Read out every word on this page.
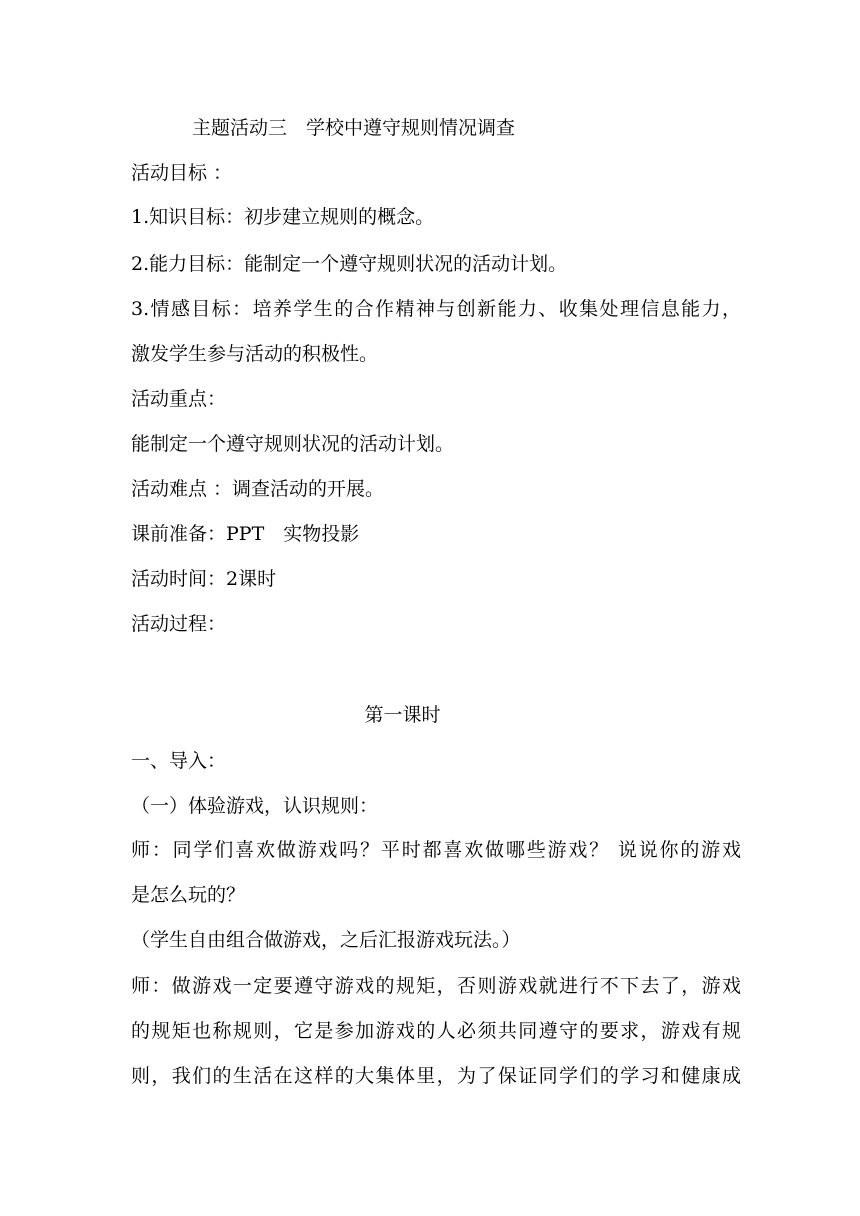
主题活动三　学校中遵守规则情况调查
活动目标 ：
1.知识目标：初步建立规则的概念。
2.能力目标：能制定一个遵守规则状况的活动计划。
3.情感目标：培养学生的合作精神与创新能力、收集处理信息能力，
激发学生参与活动的积极性。
活动重点：
能制定一个遵守规则状况的活动计划。
活动难点 ：调查活动的开展。
课前准备：PPT　实物投影
活动时间：2课时
活动过程：
第一课时
一、导入：
（一）体验游戏，认识规则：
师：同学们喜欢做游戏吗？平时都喜欢做哪些游戏？ 说说你的游戏
是怎么玩的？
（学生自由组合做游戏，之后汇报游戏玩法。）
师：做游戏一定要遵守游戏的规矩，否则游戏就进行不下去了，游戏
的规矩也称规则，它是参加游戏的人必须共同遵守的要求，游戏有规
则，我们的生活在这样的大集体里，为了保证同学们的学习和健康成
